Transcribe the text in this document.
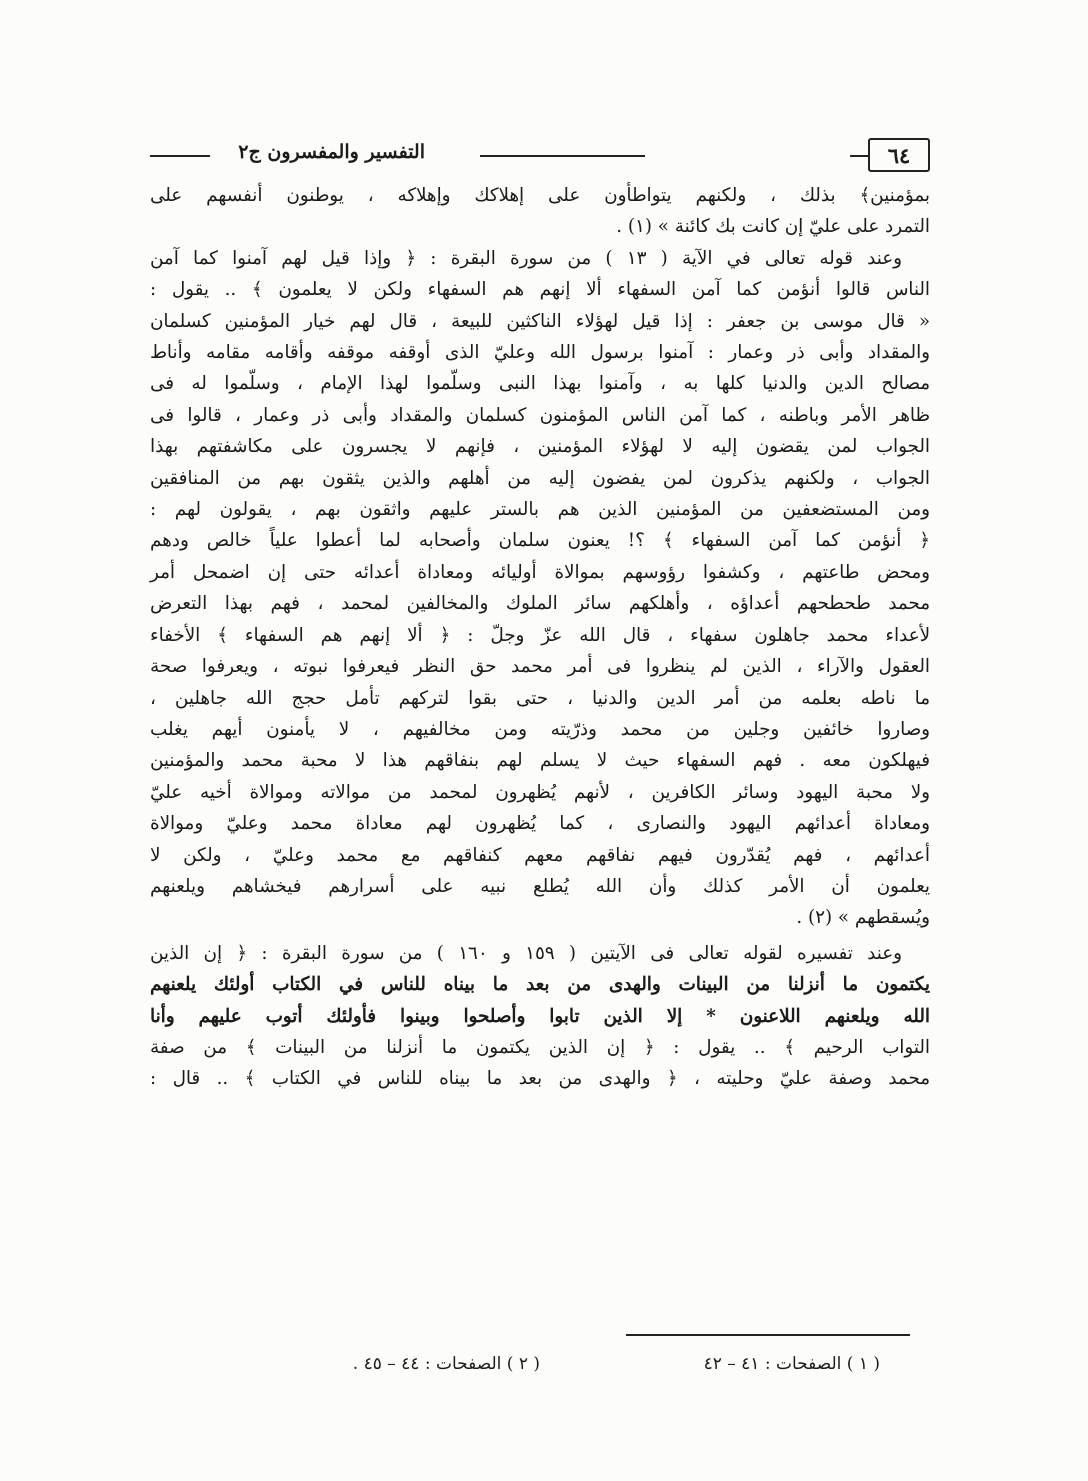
٦٤
التفسير والمفسرون ج٢

بمؤمنين﴾ بذلك ، ولكنهم يتواطأون على إهلاكك وإهلاكه ، يوطنون أنفسهم على

التمرد على عليّ إن كانت بك كائنة » (١) .

وعند قوله تعالى في الآية ( ١٣ ) من سورة البقرة : ﴿ وإذا قيل لهم آمنوا كما آمن

الناس قالوا أنؤمن كما آمن السفهاء ألا إنهم هم السفهاء ولكن لا يعلمون ﴾ .. يقول :

« قال موسى بن جعفر : إذا قيل لهؤلاء الناكثين للبيعة ، قال لهم خيار المؤمنين كسلمان

والمقداد وأبى ذر وعمار : آمنوا برسول الله وعليّ الذى أوقفه موقفه وأقامه مقامه وأناط

مصالح الدين والدنيا كلها به ، وآمنوا بهذا النبى وسلّموا لهذا الإمام ، وسلّموا له فى

ظاهر الأمر وباطنه ، كما آمن الناس المؤمنون كسلمان والمقداد وأبى ذر وعمار ، قالوا فى

الجواب لمن يقضون إليه لا لهؤلاء المؤمنين ، فإنهم لا يجسرون على مكاشفتهم بهذا

الجواب ، ولكنهم يذكرون لمن يفضون إليه من أهلهم والذين يثقون بهم من المنافقين

ومن المستضعفين من المؤمنين الذين هم بالستر عليهم واثقون بهم ، يقولون لهم :

﴿ أنؤمن كما آمن السفهاء ﴾ ؟! يعنون سلمان وأصحابه لما أعطوا علياً خالص ودهم

ومحض طاعتهم ، وكشفوا رؤوسهم بموالاة أوليائه ومعاداة أعدائه حتى إن اضمحل أمر

محمد طحطحهم أعداؤه ، وأهلكهم سائر الملوك والمخالفين لمحمد ، فهم بهذا التعرض

لأعداء محمد جاهلون سفهاء ، قال الله عزّ وجلّ : ﴿ ألا إنهم هم السفهاء ﴾ الأخفاء

العقول والآراء ، الذين لم ينظروا فى أمر محمد حق النظر فيعرفوا نبوته ، ويعرفوا صحة

ما ناطه بعلمه من أمر الدين والدنيا ، حتى بقوا لتركهم تأمل حجج الله جاهلين ،

وصاروا خائفين وجلين من محمد وذرّيته ومن مخالفيهم ، لا يأمنون أيهم يغلب

فيهلكون معه . فهم السفهاء حيث لا يسلم لهم بنفاقهم هذا لا محبة محمد والمؤمنين

ولا محبة اليهود وسائر الكافرين ، لأنهم يُظهرون لمحمد من موالاته وموالاة أخيه عليّ

ومعاداة أعدائهم اليهود والنصارى ، كما يُظهرون لهم معاداة محمد وعليّ وموالاة

أعدائهم ، فهم يُقدّرون فيهم نفاقهم معهم كنفاقهم مع محمد وعليّ ، ولكن لا

يعلمون أن الأمر كذلك وأن الله يُطلع نبيه على أسرارهم فيخشاهم ويلعنهم

ويُسقطهم » (٢) .

وعند تفسيره لقوله تعالى فى الآيتين ( ١٥٩ و ١٦٠ ) من سورة البقرة : ﴿ إن الذين

يكتمون ما أنزلنا من البينات والهدى من بعد ما بيناه للناس في الكتاب أولئك يلعنهم

الله ويلعنهم اللاعنون * إلا الذين تابوا وأصلحوا وبينوا فأولئك أتوب عليهم وأنا

التواب الرحيم ﴾ .. يقول : ﴿ إن الذين يكتمون ما أنزلنا من البينات ﴾ من صفة

محمد وصفة عليّ وحليته ، ﴿ والهدى من بعد ما بيناه للناس في الكتاب ﴾ .. قال :

( ١ ) الصفحات : ٤١ – ٤٢
( ٢ ) الصفحات : ٤٤ – ٤٥ .
